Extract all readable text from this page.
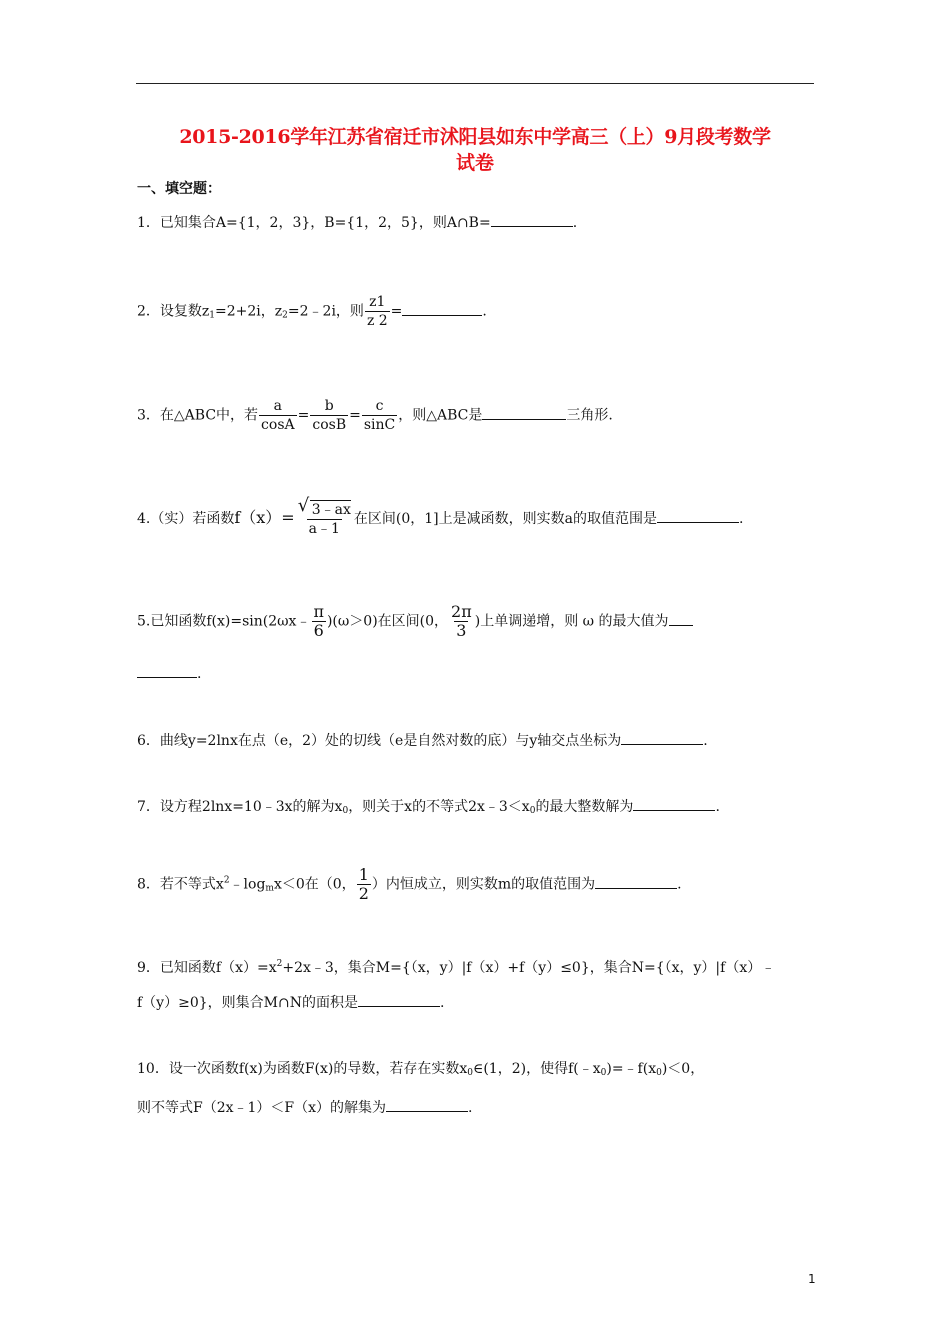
2015-2016学年江苏省宿迁市沭阳县如东中学高三（上）9月段考数学
试卷
一、填空题：
1．已知集合A={1，2，3}，B={1，2，5}，则A∩B=	.
2．设复数$z_1=2+2i$，$z_2=2﹣2i$，则 $\frac{z1}{z 2}$ =	.
3．在△ABC中，若 $\frac{a}{\cos A} = \frac{b}{\cos B} = \frac{c}{\sin C}$ ，则△ABC是	三角形.
4.（实）若函数f（x）=
√ $\frac{3﹣ax}{a﹣1}$ 在区间(0，1]上是减函数，则实数a的取值范围是	.
5.已知函数f(x)=sin(2ωx﹣ $\frac{\pi}{6} )(\omega>0)$在区间(0， $\frac{2\pi}{3}$ )上单调递增，则 ω 的最大值为
.
6．曲线y=2lnx在点（e，2）处的切线（e是自然对数的底）与y轴交点坐标为	.
7．设方程2lnx=10﹣3x的解为$x_0$，则关于x的不等式$2x﹣3<x_0$的最大整数解为	.
8．若不等式$x^2﹣\log_mx<0$在（0， $\frac{1}{2}$ ）内恒成立，则实数m的取值范围为	.
9．已知函数$f(x)=x^2+2x﹣3$，集合M={（x，y）|f（x）+f（y）≤0}，集合N={（x，y）|f（x）﹣
f（y）≥0}，则集合M∩N的面积是	.
10．设一次函数f(x)为函数F(x)的导数，若存在实数$x_0\in(1$，2)，使得$f(﹣x_0)=﹣f(x_0)<0$，
则不等式F（2x﹣1）＜F（x）的解集为	.
1
